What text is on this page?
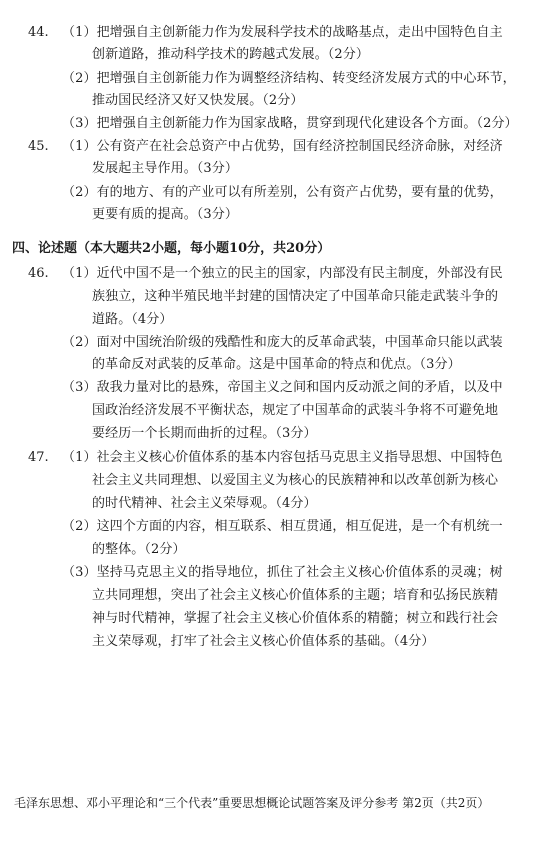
44. （1）把增强自主创新能力作为发展科学技术的战略基点，走出中国特色自主
创新道路，推动科学技术的跨越式发展。（2分）
（2）把增强自主创新能力作为调整经济结构、转变经济发展方式的中心环节，
推动国民经济又好又快发展。（2分）
（3）把增强自主创新能力作为国家战略，贯穿到现代化建设各个方面。（2分）
45. （1）公有资产在社会总资产中占优势，国有经济控制国民经济命脉，对经济
发展起主导作用。（3分）
（2）有的地方、有的产业可以有所差别，公有资产占优势，要有量的优势，
更要有质的提高。（3分）
四、论述题（本大题共2小题，每小题10分，共20分）
46. （1）近代中国不是一个独立的民主的国家，内部没有民主制度，外部没有民
族独立，这种半殖民地半封建的国情决定了中国革命只能走武装斗争的
道路。（4分）
（2）面对中国统治阶级的残酷性和庞大的反革命武装，中国革命只能以武装
的革命反对武装的反革命。这是中国革命的特点和优点。（3分）
（3）敌我力量对比的悬殊，帝国主义之间和国内反动派之间的矛盾，以及中
国政治经济发展不平衡状态，规定了中国革命的武装斗争将不可避免地
要经历一个长期而曲折的过程。（3分）
47. （1）社会主义核心价值体系的基本内容包括马克思主义指导思想、中国特色
社会主义共同理想、以爱国主义为核心的民族精神和以改革创新为核心
的时代精神、社会主义荣辱观。（4分）
（2）这四个方面的内容，相互联系、相互贯通，相互促进，是一个有机统一
的整体。（2分）
（3）坚持马克思主义的指导地位，抓住了社会主义核心价值体系的灵魂；树
立共同理想，突出了社会主义核心价值体系的主题；培育和弘扬民族精
神与时代精神，掌握了社会主义核心价值体系的精髓；树立和践行社会
主义荣辱观，打牢了社会主义核心价值体系的基础。（4分）
毛泽东思想、邓小平理论和“三个代表”重要思想概论试题答案及评分参考 第2页（共2页）
